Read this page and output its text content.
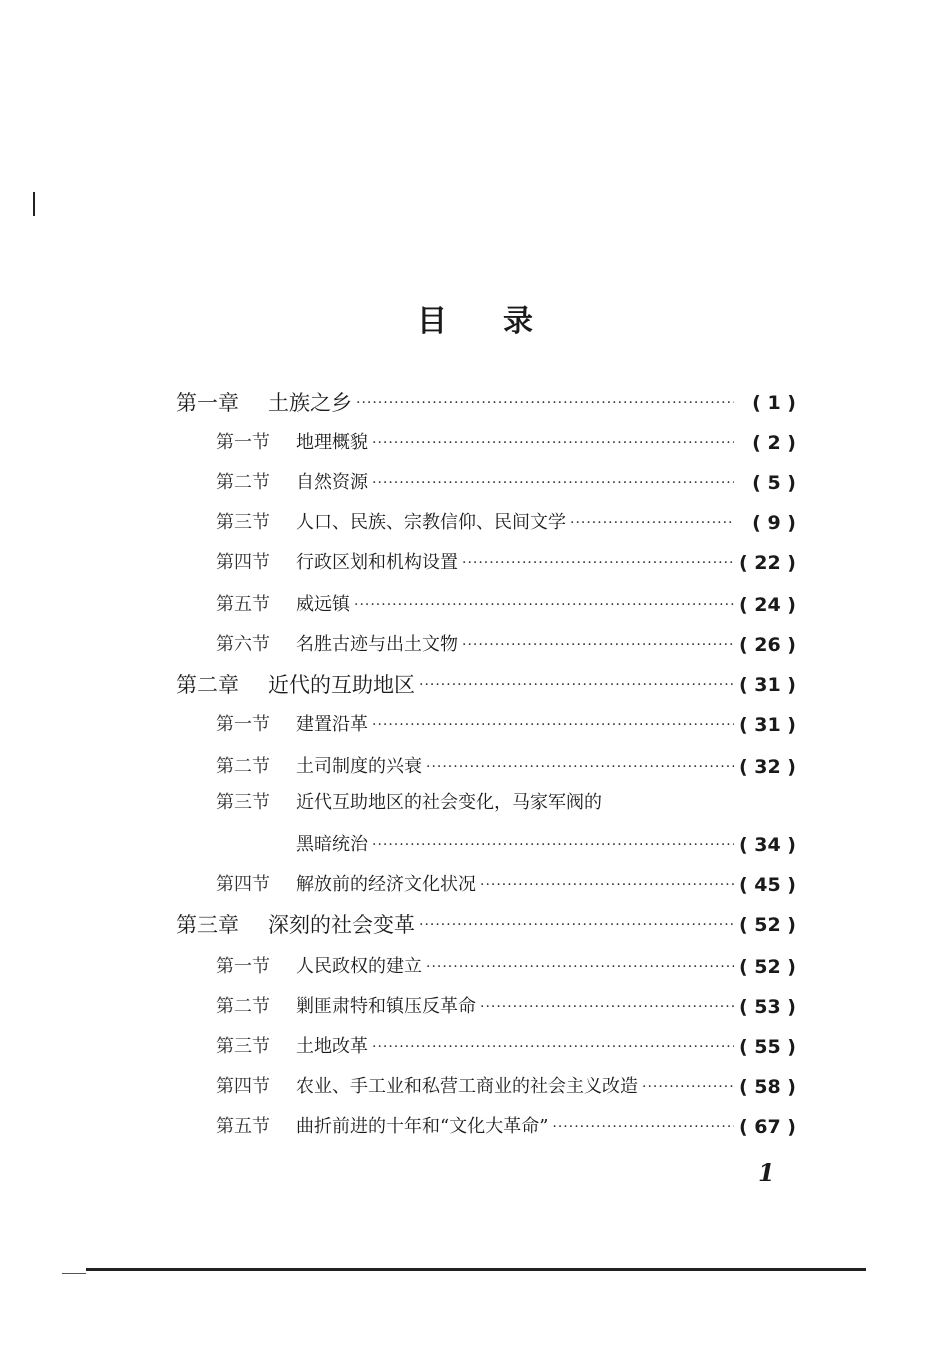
目 录
第一章	土族之乡 ·····	( 1 )
第一节	地理概貌 ·····	( 2 )
第二节	自然资源 ·····	( 5 )
第三节	人口、民族、宗教信仰、民间文学 ·····	( 9 )
第四节	行政区划和机构设置 ·····	( 22 )
第五节	威远镇 ·····	( 24 )
第六节	名胜古迹与出土文物 ·····	( 26 )
第二章	近代的互助地区 ·····	( 31 )
第一节	建置沿革 ·····	( 31 )
第二节	土司制度的兴衰 ·····	( 32 )
第三节	近代互助地区的社会变化，马家军阀的
黑暗统治 ·····	( 34 )
第四节	解放前的经济文化状况 ·····	( 45 )
第三章	深刻的社会变革 ·····	( 52 )
第一节	人民政权的建立 ·····	( 52 )
第二节	剿匪肃特和镇压反革命 ·····	( 53 )
第三节	土地改革 ·····	( 55 )
第四节	农业、手工业和私营工商业的社会主义改造 ·····	( 58 )
第五节	曲折前进的十年和“文化大革命” ·····	( 67 )
1
